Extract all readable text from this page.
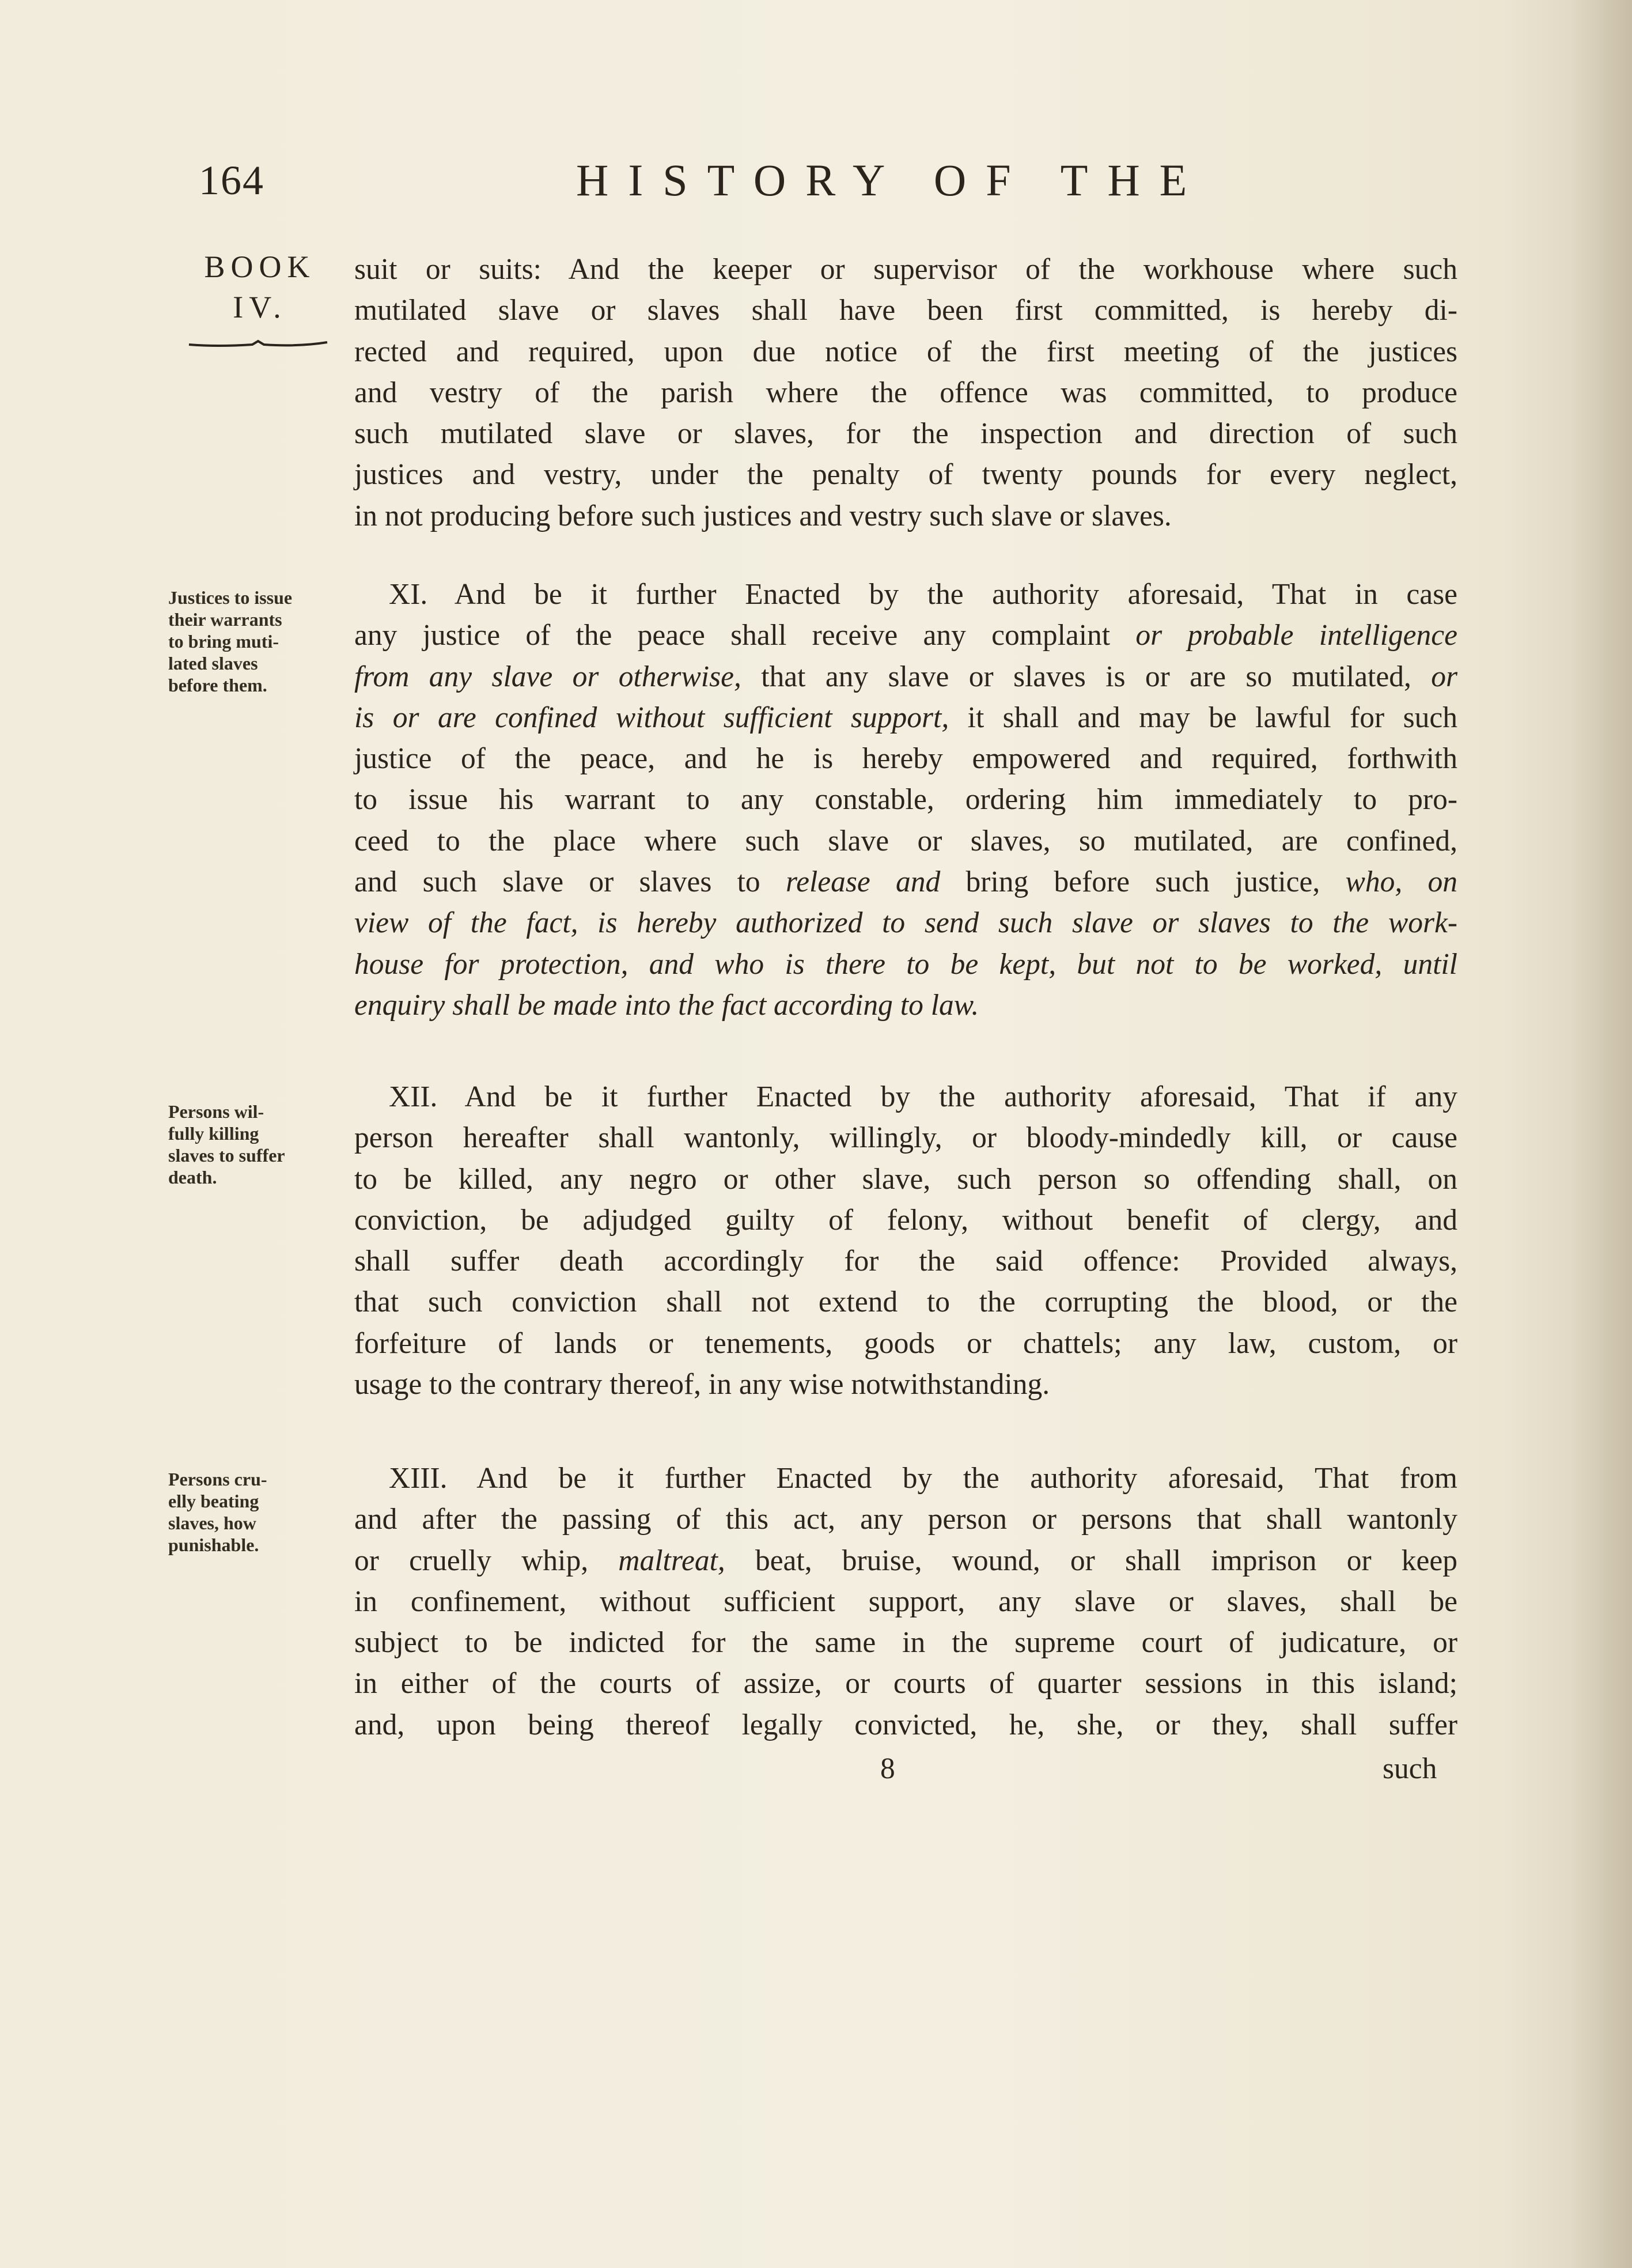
164	HISTORY OF THE
BOOK
IV.
suit or suits: And the keeper or supervisor of the workhouse where such
mutilated slave or slaves shall have been first committed, is hereby di-
rected and required, upon due notice of the first meeting of the justices
and vestry of the parish where the offence was committed, to produce
such mutilated slave or slaves, for the inspection and direction of such
justices and vestry, under the penalty of twenty pounds for every neglect,
in not producing before such justices and vestry such slave or slaves.
Justices to issue
their warrants
to bring muti-
lated slaves
before them.
XI. And be it further Enacted by the authority aforesaid, That in case
any justice of the peace shall receive any complaint or probable intelligence
from any slave or otherwise, that any slave or slaves is or are so mutilated, or
is or are confined without sufficient support, it shall and may be lawful for such
justice of the peace, and he is hereby empowered and required, forthwith
to issue his warrant to any constable, ordering him immediately to pro-
ceed to the place where such slave or slaves, so mutilated, are confined,
and such slave or slaves to release and bring before such justice, who, on
view of the fact, is hereby authorized to send such slave or slaves to the work-
house for protection, and who is there to be kept, but not to be worked, until
enquiry shall be made into the fact according to law.
Persons wil-
fully killing
slaves to suffer
death.
XII. And be it further Enacted by the authority aforesaid, That if any
person hereafter shall wantonly, willingly, or bloody-mindedly kill, or cause
to be killed, any negro or other slave, such person so offending shall, on
conviction, be adjudged guilty of felony, without benefit of clergy, and
shall suffer death accordingly for the said offence: Provided always,
that such conviction shall not extend to the corrupting the blood, or the
forfeiture of lands or tenements, goods or chattels; any law, custom, or
usage to the contrary thereof, in any wise notwithstanding.
Persons cru-
elly beating
slaves, how
punishable.
XIII. And be it further Enacted by the authority aforesaid, That from
and after the passing of this act, any person or persons that shall wantonly
or cruelly whip, maltreat, beat, bruise, wound, or shall imprison or keep
in confinement, without sufficient support, any slave or slaves, shall be
subject to be indicted for the same in the supreme court of judicature, or
in either of the courts of assize, or courts of quarter sessions in this island;
and, upon being thereof legally convicted, he, she, or they, shall suffer
8	such
